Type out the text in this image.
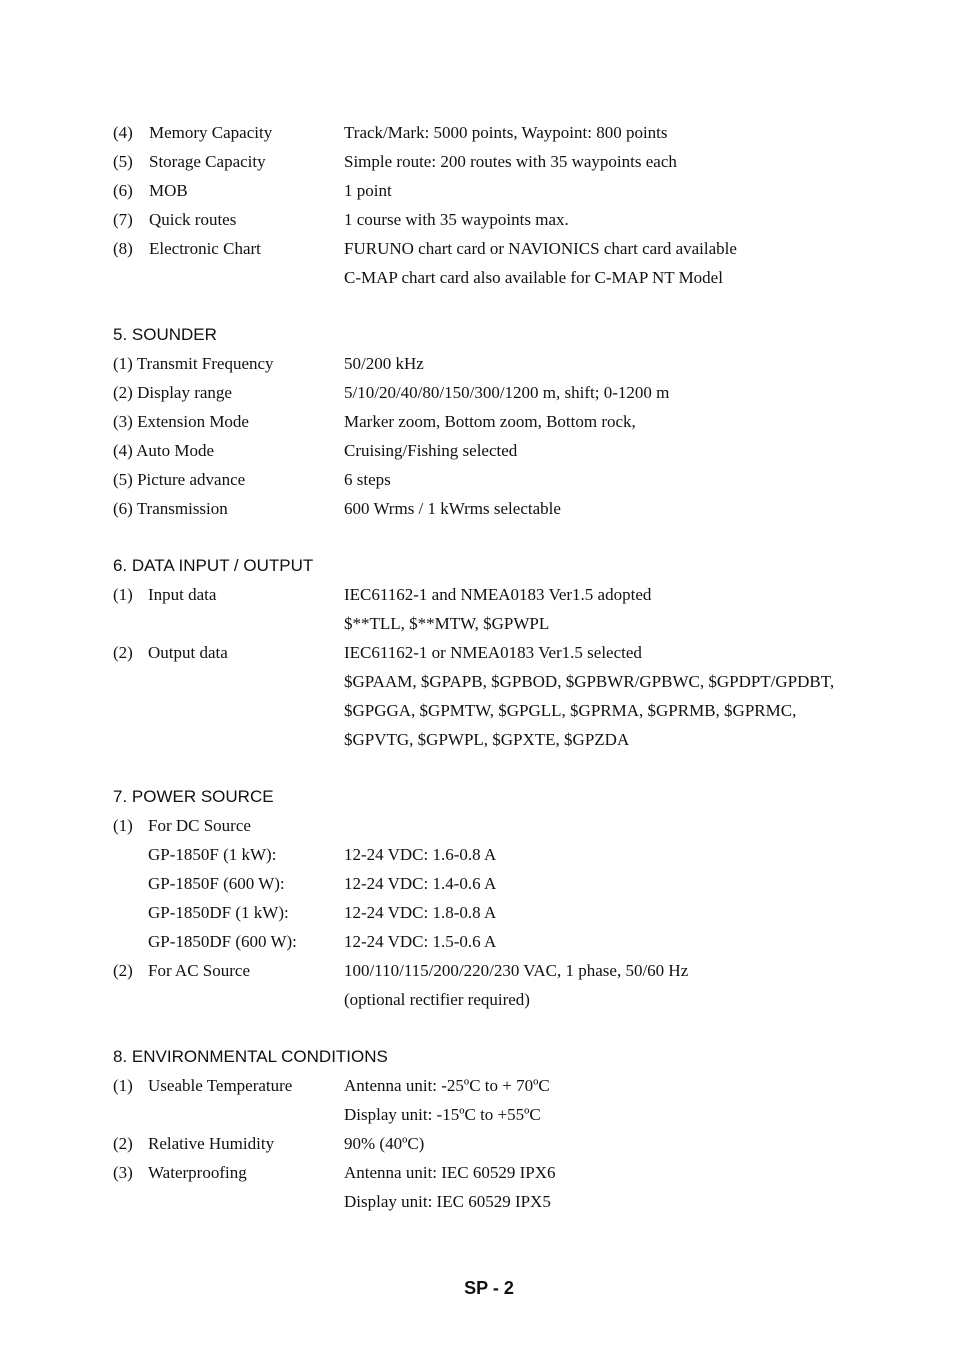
(4) Memory Capacity	Track/Mark: 5000 points, Waypoint: 800 points
(5) Storage Capacity	Simple route: 200 routes with 35 waypoints each
(6) MOB	1 point
(7) Quick routes	1 course with 35 waypoints max.
(8) Electronic Chart	FURUNO chart card or NAVIONICS chart card available
C-MAP chart card also available for C-MAP NT Model
5. SOUNDER
(1) Transmit Frequency	50/200 kHz
(2) Display range	5/10/20/40/80/150/300/1200 m, shift; 0-1200 m
(3) Extension Mode	Marker zoom, Bottom zoom, Bottom rock,
(4) Auto Mode	Cruising/Fishing selected
(5) Picture advance	6 steps
(6) Transmission	600 Wrms / 1 kWrms selectable
6. DATA INPUT / OUTPUT
(1) Input data	IEC61162-1 and NMEA0183 Ver1.5 adopted
$**TLL, $**MTW, $GPWPL
(2) Output data	IEC61162-1 or NMEA0183 Ver1.5 selected
$GPAAM, $GPAPB, $GPBOD, $GPBWR/GPBWC, $GPDPT/GPDBT,
$GPGGA, $GPMTW, $GPGLL, $GPRMA, $GPRMB, $GPRMC,
$GPVTG, $GPWPL, $GPXTE, $GPZDA
7. POWER SOURCE
(1) For DC Source
GP-1850F (1 kW):	12-24 VDC: 1.6-0.8 A
GP-1850F (600 W):	12-24 VDC: 1.4-0.6 A
GP-1850DF (1 kW):	12-24 VDC: 1.8-0.8 A
GP-1850DF (600 W):	12-24 VDC: 1.5-0.6 A
(2) For AC Source	100/110/115/200/220/230 VAC, 1 phase, 50/60 Hz
(optional rectifier required)
8. ENVIRONMENTAL CONDITIONS
(1) Useable Temperature	Antenna unit: -25ºC to + 70ºC
Display unit: -15ºC to +55ºC
(2) Relative Humidity	90% (40ºC)
(3) Waterproofing	Antenna unit: IEC 60529 IPX6
Display unit: IEC 60529 IPX5
SP - 2
